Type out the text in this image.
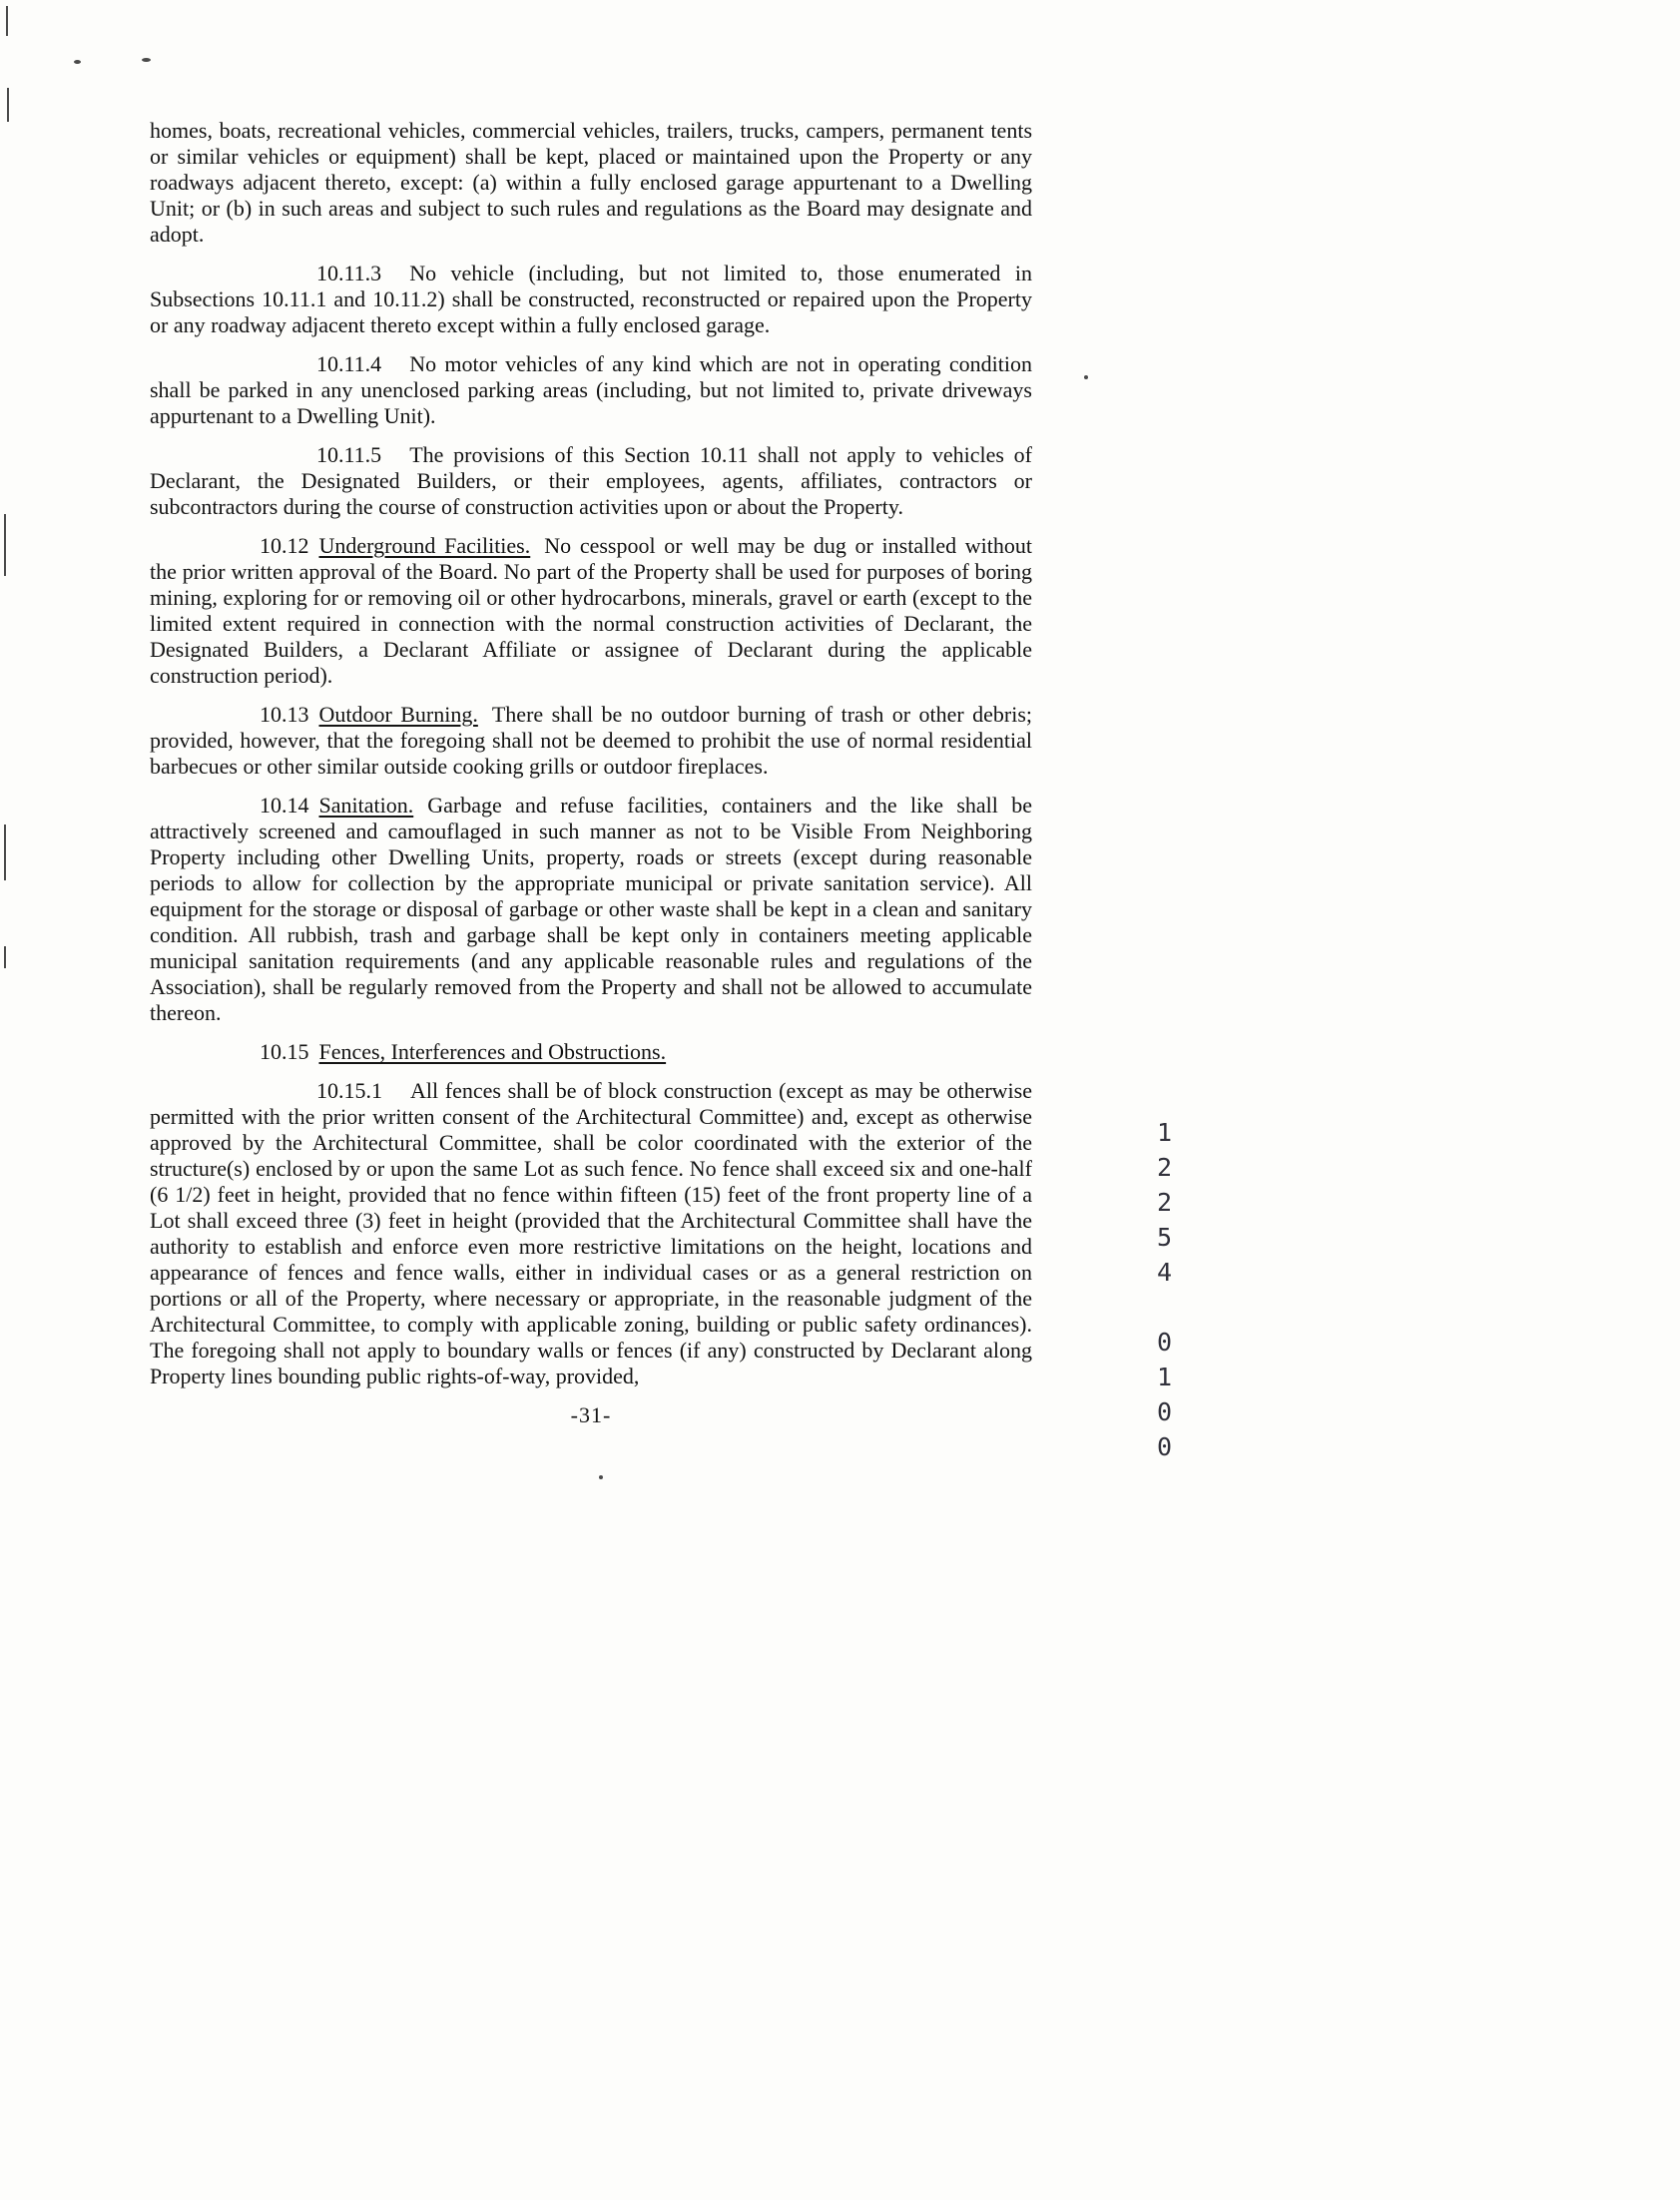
12254 0100

homes, boats, recreational vehicles, commercial vehicles, trailers, trucks, campers, permanent tents or similar vehicles or equipment) shall be kept, placed or maintained upon the Property or any roadways adjacent thereto, except: (a) within a fully enclosed garage appurtenant to a Dwelling Unit; or (b) in such areas and subject to such rules and regulations as the Board may designate and adopt.

10.11.3 No vehicle (including, but not limited to, those enumerated in Subsections 10.11.1 and 10.11.2) shall be constructed, reconstructed or repaired upon the Property or any roadway adjacent thereto except within a fully enclosed garage.

10.11.4 No motor vehicles of any kind which are not in operating condition shall be parked in any unenclosed parking areas (including, but not limited to, private driveways appurtenant to a Dwelling Unit).

10.11.5 The provisions of this Section 10.11 shall not apply to vehicles of Declarant, the Designated Builders, or their employees, agents, affiliates, contractors or subcontractors during the course of construction activities upon or about the Property.

10.12 Underground Facilities. No cesspool or well may be dug or installed without the prior written approval of the Board. No part of the Property shall be used for purposes of boring mining, exploring for or removing oil or other hydrocarbons, minerals, gravel or earth (except to the limited extent required in connection with the normal construction activities of Declarant, the Designated Builders, a Declarant Affiliate or assignee of Declarant during the applicable construction period).

10.13 Outdoor Burning. There shall be no outdoor burning of trash or other debris; provided, however, that the foregoing shall not be deemed to prohibit the use of normal residential barbecues or other similar outside cooking grills or outdoor fireplaces.

10.14 Sanitation. Garbage and refuse facilities, containers and the like shall be attractively screened and camouflaged in such manner as not to be Visible From Neighboring Property including other Dwelling Units, property, roads or streets (except during reasonable periods to allow for collection by the appropriate municipal or private sanitation service). All equipment for the storage or disposal of garbage or other waste shall be kept in a clean and sanitary condition. All rubbish, trash and garbage shall be kept only in containers meeting applicable municipal sanitation requirements (and any applicable reasonable rules and regulations of the Association), shall be regularly removed from the Property and shall not be allowed to accumulate thereon.

10.15 Fences, Interferences and Obstructions.

10.15.1 All fences shall be of block construction (except as may be otherwise permitted with the prior written consent of the Architectural Committee) and, except as otherwise approved by the Architectural Committee, shall be color coordinated with the exterior of the structure(s) enclosed by or upon the same Lot as such fence. No fence shall exceed six and one-half (6 1/2) feet in height, provided that no fence within fifteen (15) feet of the front property line of a Lot shall exceed three (3) feet in height (provided that the Architectural Committee shall have the authority to establish and enforce even more restrictive limitations on the height, locations and appearance of fences and fence walls, either in individual cases or as a general restriction on portions or all of the Property, where necessary or appropriate, in the reasonable judgment of the Architectural Committee, to comply with applicable zoning, building or public safety ordinances). The foregoing shall not apply to boundary walls or fences (if any) constructed by Declarant along Property lines bounding public rights-of-way, provided,

-31-
